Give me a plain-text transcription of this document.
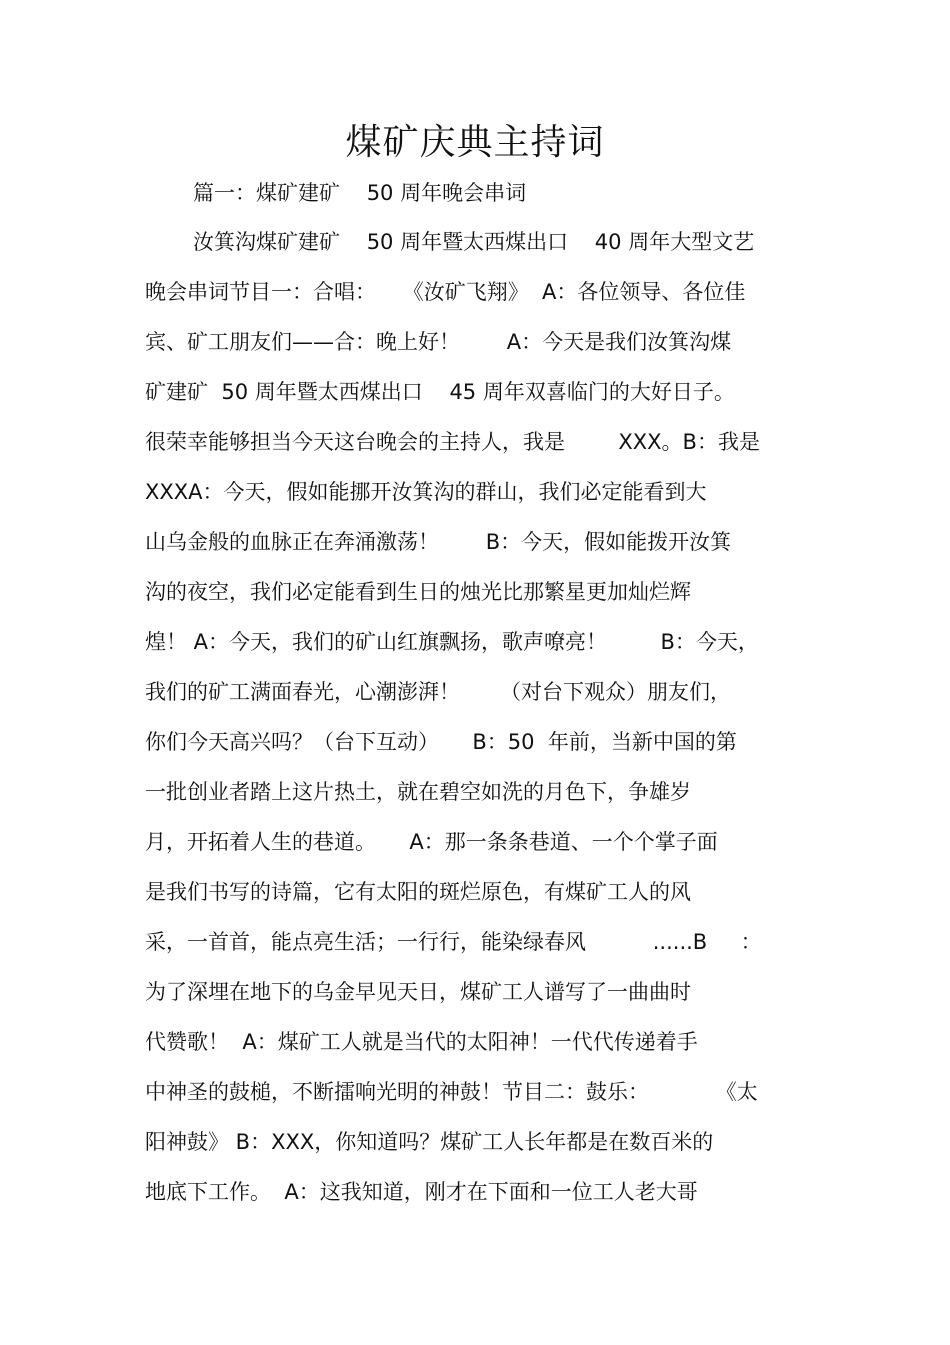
煤矿庆典主持词
篇一：煤矿建矿    50 周年晚会串词
汝箕沟煤矿建矿    50 周年暨太西煤出口    40 周年大型文艺
晚会串词节目一：合唱：    《汝矿飞翔》  A：各位领导、各位佳
宾、矿工朋友们——合：晚上好！       A：今天是我们汝箕沟煤
矿建矿  50 周年暨太西煤出口    45 周年双喜临门的大好日子。
很荣幸能够担当今天这台晚会的主持人，我是        XXX。B：我是
XXXA：今天，假如能挪开汝箕沟的群山，我们必定能看到大
山乌金般的血脉正在奔涌激荡！       B：今天，假如能拨开汝箕
沟的夜空，我们必定能看到生日的烛光比那繁星更加灿烂辉
煌！ A：今天，我们的矿山红旗飘扬，歌声嘹亮！        B：今天，
我们的矿工满面春光，心潮澎湃！      （对台下观众）朋友们，
你们今天高兴吗？（台下互动）     B：50  年前，当新中国的第
一批创业者踏上这片热土，就在碧空如洗的月色下，争雄岁
月，开拓着人生的巷道。     A：那一条条巷道、一个个掌子面
是我们书写的诗篇，它有太阳的斑烂原色，有煤矿工人的风
采，一首首，能点亮生活；一行行，能染绿春风          ......B     ：
为了深埋在地下的乌金早见天日，煤矿工人谱写了一曲曲时
代赞歌！  A：煤矿工人就是当代的太阳神！一代代传递着手
中神圣的鼓槌，不断擂响光明的神鼓！节目二：鼓乐：          《太
阳神鼓》 B：XXX，你知道吗？煤矿工人长年都是在数百米的
地底下工作。  A：这我知道，刚才在下面和一位工人老大哥
